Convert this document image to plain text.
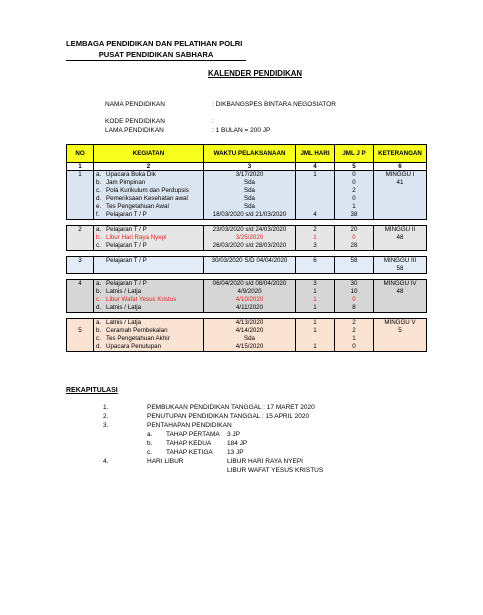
LEMBAGA PENDIDIKAN DAN PELATIHAN POLRI
PUSAT PENDIDIKAN SABHARA
KALENDER PENDIDIKAN
NAMA PENDIDIKAN	: DIKBANGSPES BINTARA NEGOSIATOR
KODE PENDIDIKAN	:
LAMA PENDIDIKAN	: 1 BULAN = 200 JP
NO	KEGIATAN	WAKTU PELAKSANAAN	JML HARI	JML J P	KETERANGAN
1	2	3	4	5	6
1	a. Upacara Buka Dik	3/17/2020	1	0	MINGGU I
	b. Jam Pimpinan	Sda		0	41
	c. Pola Kurikulum dan Perdupsis	Sda		2	
	d. Pemeriksaan Kesehatan awal	Sda		0	
	e. Tes Pengetahuan Awal	Sda		1	
	f. Pelajaran T / P	18/03/2020 s/d 21/03/2020	4	38	

2	a. Pelajaran T / P	23/03/2020 s/d 24/03/2020	2	20	MINGGU II
	b. Libur Hari Raya Nyepi	3/25/2020	1	0	48
	c. Pelajaran T / P	26/03/2020 s/d 28/03/2020	3	28	

3	Pelajaran T / P	30/03/2020 S/D 04/04/2020	6	58	MINGGU III
58

4	a. Pelajaran T / P	06/04/2020 s/d 08/04/2020	3	30	MINGGU IV
	b. Latnis / Latja	4/9/2020	1	10	48
	c. Libur Wafat Yesus Kristus	4/10/2020	1	0	
	d. Latnis / Latja	4/11/2020	1	8	

	a. Latnis / Latja	4/13/2020	1	2	MINGGU V
5	b. Ceramah Pembekalan	4/14/2020	1	2	5
	c. Tes Pengetahuan Akhir	Sda		1	
	d. Upacara Penutupan	4/15/2020	1	0	
REKAPITULASI
1.	PEMBUKAAN PENDIDIKAN TANGGAL : 17 MARET 2020
2.	PENUTUPAN PENDIDIKAN TANGGAL : 15 APRIL 2020
3.	PENTAHAPAN PENDIDIKAN
a. TAHAP PERTAMA 3 JP
b. TAHAP KEDUA 184 JP
c. TAHAP KETIGA 13 JP
4.	HARI LIBUR	LIBUR HARI RAYA NYEPI
LIBUR WAFAT YESUS KRISTUS
